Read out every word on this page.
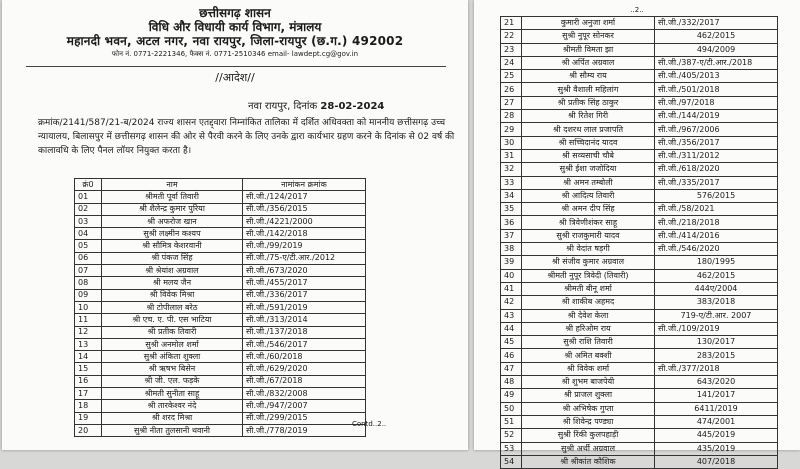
छत्तीसगढ़ शासन
विधि और विधायी कार्य विभाग, मंत्रालय
महानदी भवन, अटल नगर, नवा रायपुर, जिला-रायपुर (छ.ग.) 492002
फोन नं. 0771-2221346, फैक्स नं. 0771-2510346 email- lawdept.cg@gov.in
//आदेश//
नवा रायपुर, दिनांक 28-02-2024
क्रमांक/2141/587/21-ब/2024 राज्य शासन एतद्द्वारा निम्नांकित तालिका में दर्शित अधिवक्ता को माननीय छत्तीसगढ़ उच्च न्यायालय, बिलासपुर में छत्तीसगढ़ शासन की ओर से पैरवी करने के लिए उनके द्वारा कार्यभार ग्रहण करने के दिनांक से 02 वर्ष की कालावधि के लिए पैनल लॉयर नियुक्त करता है।
क्रं0	नाम	नामांकन क्रमांक
01	श्रीमती पूर्वा तिवारी	सी.जी./124/2017
02	श्री शैलेन्द्र कुमार पुरिया	सी.जी./356/2015
03	श्री अफरोज खान	सी.जी./4221/2000
04	सुश्री लक्ष्मीन कश्यप	सी.जी./142/2018
05	श्री सौमित्र केशरवानी	सी.जी./99/2019
06	श्री पंकज सिंह	सी.जी./75-ए/टी.आर./2012
07	श्री श्रेयांश अग्रवाल	सी.जी./673/2020
08	श्री मलय जैन	सी.जी./455/2017
09	श्री विवेक मिश्रा	सी.जी./336/2017
10	श्री टोपीलाल बरेठ	सी.जी./591/2019
11	श्री एच. ए. पी. एस भाटिया	सी.जी./313/2014
12	श्री प्रतीक तिवारी	सी.जी./137/2018
13	सुश्री अनमोल शर्मा	सी.जी./546/2017
14	सुश्री अंकिता शुक्ला	सी.जी./60/2018
15	श्री ऋषभ बिसेन	सी.जी./629/2020
16	श्री जी. एल. फड़के	सी.जी./67/2018
17	श्रीमती सुनीता साहू	सी.जी./832/2008
18	श्री तारकेश्वर नंदे	सी.जी./947/2007
19	श्री शरद मिश्रा	सी.जी./299/2015
20	सुश्री नीता तुलसानी थवानी	सी.जी./778/2019
Contd..2..
..2..
21	कुमारी अनुजा शर्मा	सी.जी./332/2017
22	सुश्री नुपूर सोनकर	462/2015
23	श्रीमती विमता झा	494/2009
24	श्री अर्पित अग्रवाल	सी.जी./387-ए/टी.आर./2018
25	श्री सौम्य राय	सी.जी./405/2013
26	सुश्री वैशाली महिलांग	सी.जी./501/2018
27	श्री प्रतीक सिंह ठाकुर	सी.जी./97/2018
28	श्री रितेश गिरी	सी.जी./144/2019
29	श्री दशरथ लाल प्रजापति	सी.जी./967/2006
30	श्री सच्चिदानंद यादव	सी.जी./356/2017
31	श्री सव्यसाची चौबे	सी.जी./311/2012
32	सुश्री ईशा जजोदिया	सी.जी./618/2020
33	श्री अमन तम्बोली	सी.जी./335/2017
34	श्री आदित्य तिवारी	576/2015
35	श्री अमन दीप सिंह	सी.जी./58/2021
36	श्री त्रिवेणीशंकर साहू	सी.जी./218/2018
37	सुश्री राजकुमारी यादव	सी.जी./414/2016
38	श्री वेदांत षड़गी	सी.जी./546/2020
39	श्री संजीव कुमार अग्रवाल	180/1995
40	श्रीमती नुपूर त्रिवेदी (तिवारी)	462/2015
41	श्रीमती बीनू शर्मा	444ए/2004
42	श्री शाकीब अहमद	383/2018
43	श्री देवेश केला	719-ए/टी.आर. 2007
44	श्री हरिओम राय	सी.जी./109/2019
45	सुश्री राशि तिवारी	130/2017
46	श्री अमित बक्शी	283/2015
47	श्री विवेक शर्मा	सी.जी./377/2018
48	श्री शुभम बाजपेयी	643/2020
49	श्री प्राजल शुक्ला	141/2017
50	श्री अभिषेक गुप्ता	6411/2019
51	श्री शिवेन्द्र पण्ड्या	474/2001
52	सुश्री रिंकी कुलपहाड़ी	445/2019
53	सुश्री अर्थी अग्रवाल	435/2019
54	श्री श्रीकांत कौशिक	407/2018
